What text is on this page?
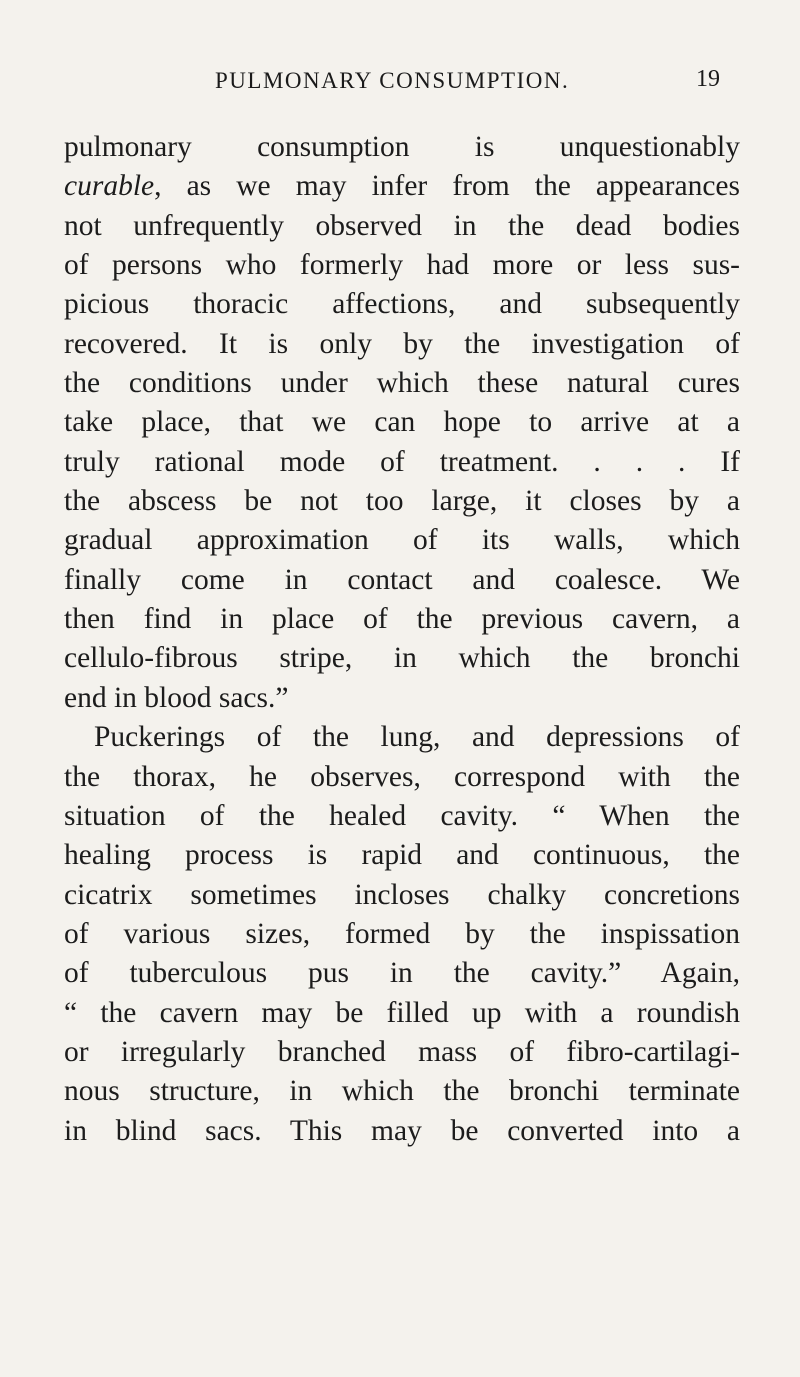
PULMONARY CONSUMPTION.	19
pulmonary consumption is unquestionably
curable, as we may infer from the appearances
not unfrequently observed in the dead bodies
of persons who formerly had more or less sus-
picious thoracic affections, and subsequently
recovered. It is only by the investigation of
the conditions under which these natural cures
take place, that we can hope to arrive at a
truly rational mode of treatment. . . . If
the abscess be not too large, it closes by a
gradual approximation of its walls, which
finally come in contact and coalesce. We
then find in place of the previous cavern, a
cellulo-fibrous stripe, in which the bronchi
end in blood sacs.”
Puckerings of the lung, and depressions of
the thorax, he observes, correspond with the
situation of the healed cavity. “ When the
healing process is rapid and continuous, the
cicatrix sometimes incloses chalky concretions
of various sizes, formed by the inspissation
of tuberculous pus in the cavity.” Again,
“ the cavern may be filled up with a roundish
or irregularly branched mass of fibro-cartilagi-
nous structure, in which the bronchi terminate
in blind sacs. This may be converted into a
